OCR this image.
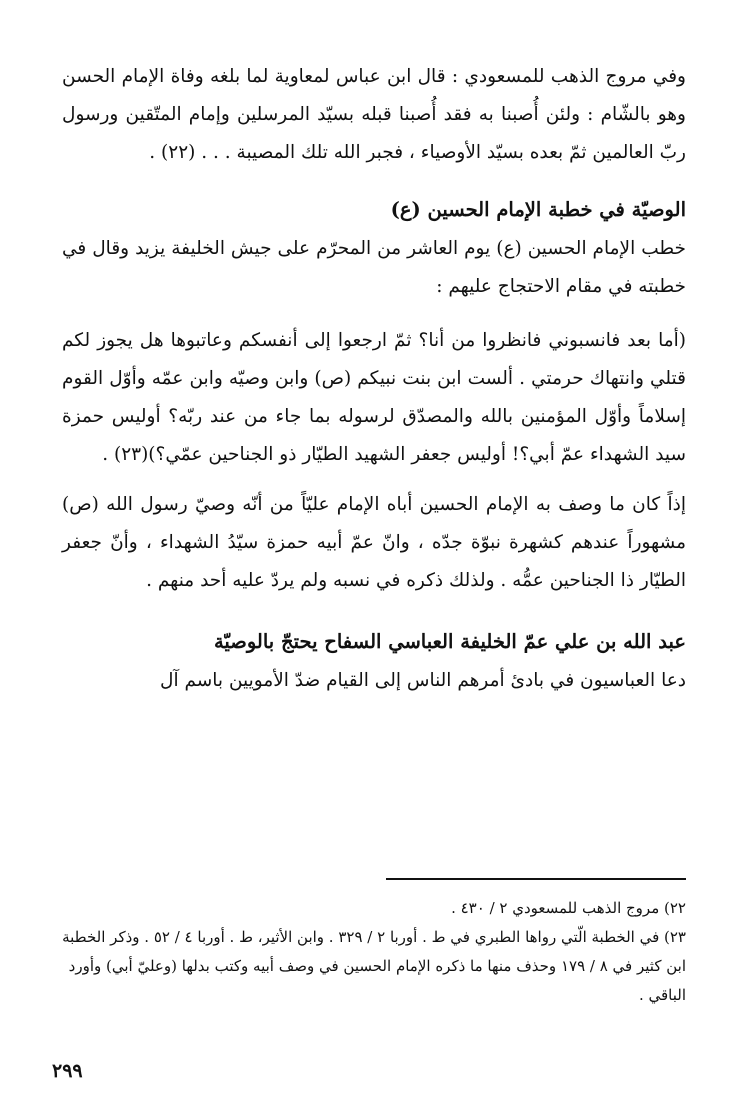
وفي مروج الذهب للمسعودي : قال ابن عباس لمعاوية لما بلغه وفاة الإمام الحسن وهو بالشّام : ولئن أُصبنا به فقد أُصبنا قبله بسيّد المرسلين وإمام المتّقين ورسول ربّ العالمين ثمّ بعده بسيّد الأوصياء ، فجبر الله تلك المصيبة . . . (٢٢) .

الوصيّة في خطبة الإمام الحسين (ع)

خطب الإمام الحسين (ع) يوم العاشر من المحرّم على جيش الخليفة يزيد وقال في خطبته في مقام الاحتجاج عليهم :

(أما بعد فانسبوني فانظروا من أنا؟ ثمّ ارجعوا إلى أنفسكم وعاتبوها هل يجوز لكم قتلي وانتهاك حرمتي . ألست ابن بنت نبيكم (ص) وابن وصيّه وابن عمّه وأوّل القوم إسلاماً وأوّل المؤمنين بالله والمصدّق لرسوله بما جاء من عند ربّه؟ أوليس حمزة سيد الشهداء عمّ أبي؟! أوليس جعفر الشهيد الطيّار ذو الجناحين عمّي؟)(٢٣) .

إذاً كان ما وصف به الإمام الحسين أباه الإمام عليّاً من أنّه وصيّ رسول الله (ص) مشهوراً عندهم كشهرة نبوّة جدّه ، وانّ عمّ أبيه حمزة سيّدُ الشهداء ، وأنّ جعفر الطيّار ذا الجناحين عمُّه . ولذلك ذكره في نسبه ولم يردّ عليه أحد منهم .

عبد الله بن علي عمّ الخليفة العباسي السفاح يحتجّ بالوصيّة

دعا العباسيون في بادئ أمرهم الناس إلى القيام ضدّ الأمويين باسم آل

٢٢) مروج الذهب للمسعودي ٢ / ٤٣٠ .

٢٣) في الخطبة الّتي رواها الطبري في ط . أوربا ٢ / ٣٢٩ . وابن الأثير، ط . أوربا ٤ / ٥٢ . وذكر الخطبة ابن كثير في ٨ / ١٧٩ وحذف منها ما ذكره الإمام الحسين في وصف أبيه وكتب بدلها (وعليّ أبي) وأورد الباقي .

٢٩٩
